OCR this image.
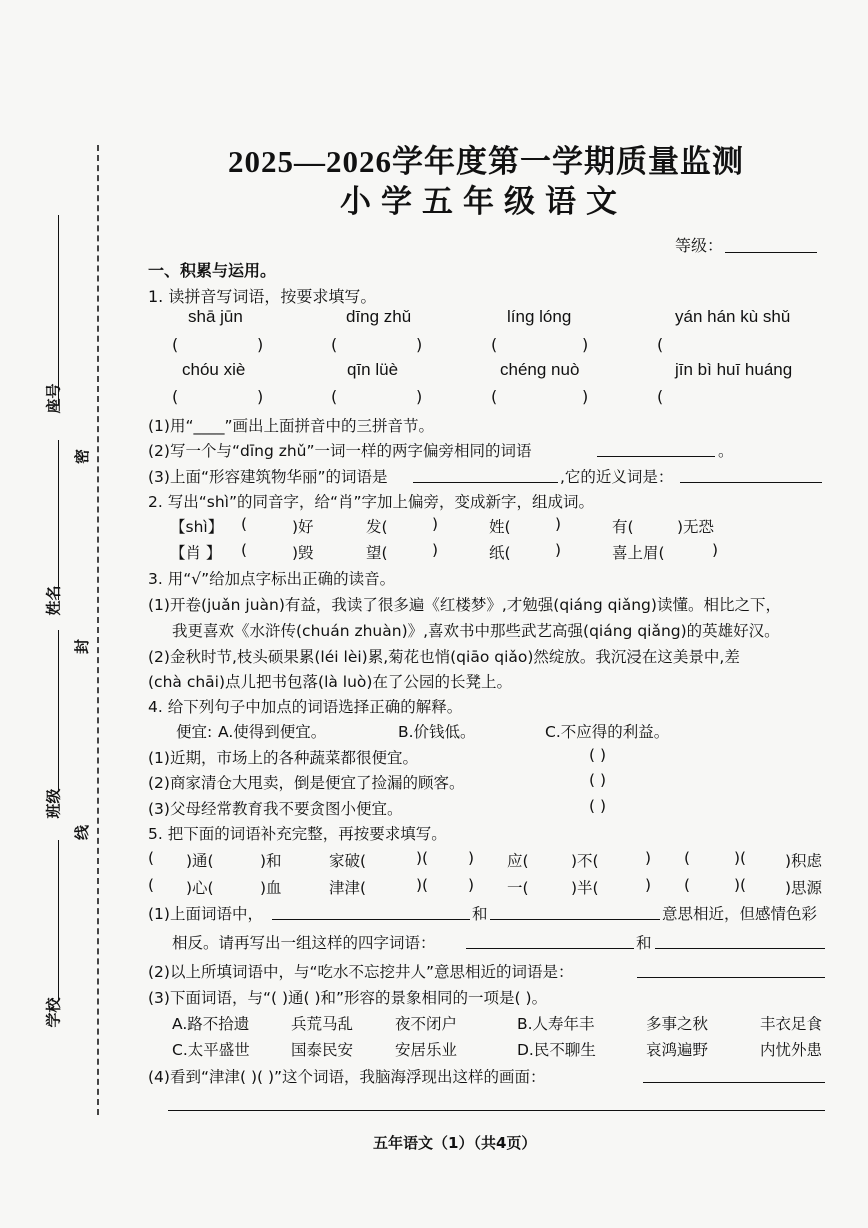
座号
姓名
班级
学校
密
封
线
2025—2026学年度第一学期质量监测
小学五年级语文
等级：
一、积累与运用。
1. 读拼音写词语，按要求填写。
shā jūn	dīng zhǔ	líng lóng	yán hán kù shǔ
(	)	(	)	(	)	(
chóu xiè	qīn lüè	chéng nuò	jīn bì huī huáng
(	)	(	)	(	)	(
(1)用“____”画出上面拼音中的三拼音节。
(2)写一个与“dīng zhǔ”一词一样的两字偏旁相同的词语	。
(3)上面“形容建筑物华丽”的词语是	,它的近义词是：
2. 写出“shì”的同音字，给“肖”字加上偏旁，变成新字，组成词。
【shì】 (	)好	发(	)	姓(	)	有(	)无恐
【肖 】 (	)毁	望(	)	纸(	)	喜上眉(	)
3. 用“√”给加点字标出正确的读音。
(1)开卷(juǎn juàn)有益，我读了很多遍《红楼梦》,才勉强(qiáng qiǎng)读懂。相比之下，
我更喜欢《水浒传(chuán zhuàn)》,喜欢书中那些武艺高强(qiáng qiǎng)的英雄好汉。
(2)金秋时节,枝头硕果累(léi lèi)累,菊花也悄(qiāo qiǎo)然绽放。我沉浸在这美景中,差
(chà chāi)点儿把书包落(là luò)在了公园的长凳上。
4. 给下列句子中加点的词语选择正确的解释。
便宜: A.使得到便宜。	B.价钱低。	C.不应得的利益。
(1)近期，市场上的各种蔬菜都很便宜。	( )
(2)商家清仓大甩卖，倒是便宜了捡漏的顾客。	( )
(3)父母经常教育我不要贪图小便宜。	( )
5. 把下面的词语补充完整，再按要求填写。
( )通(	)和	家破(	)(	) 应(	)不(	) (	)(	)积虑
( )心(	)血	津津(	)(	) 一(	)半(	) (	)(	)思源
(1)上面词语中，	和	意思相近，但感情色彩
相反。请再写出一组这样的四字词语：	和
(2)以上所填词语中，与“吃水不忘挖井人”意思相近的词语是：
(3)下面词语，与“( )通( )和”形容的景象相同的一项是( )。
A.路不拾遗	兵荒马乱	夜不闭户	B.人寿年丰	多事之秋	丰衣足食
C.太平盛世	国泰民安	安居乐业	D.民不聊生	哀鸿遍野	内忧外患
(4)看到“津津( )( )”这个词语，我脑海浮现出这样的画面：
五年语文（1）（共4页）
